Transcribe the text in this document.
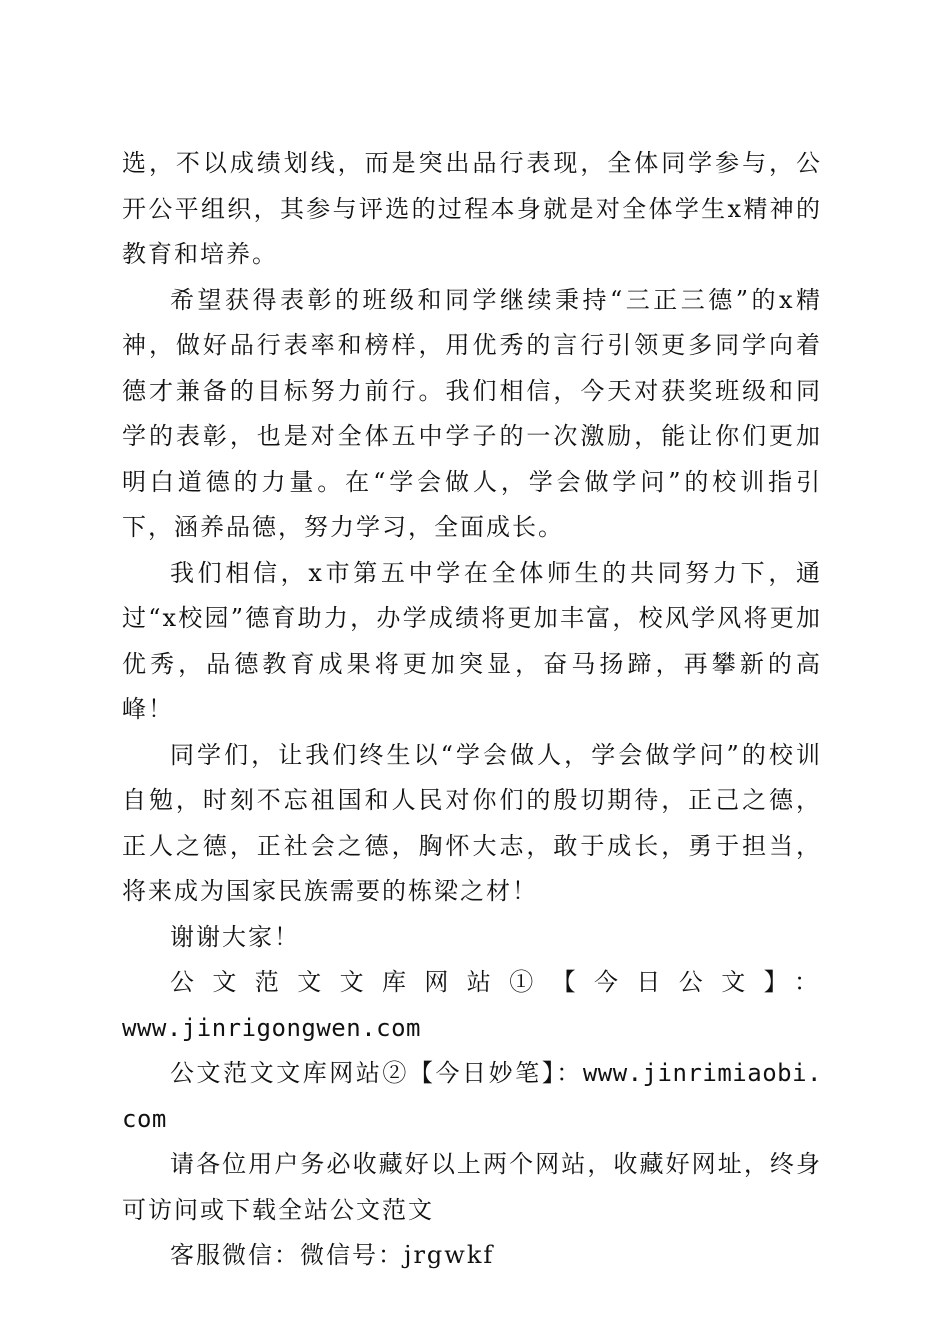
选，不以成绩划线，而是突出品行表现，全体同学参与，公开公平组织，其参与评选的过程本身就是对全体学生x精神的教育和培养。

希望获得表彰的班级和同学继续秉持“三正三德”的x精神，做好品行表率和榜样，用优秀的言行引领更多同学向着德才兼备的目标努力前行。我们相信，今天对获奖班级和同学的表彰，也是对全体五中学子的一次激励，能让你们更加明白道德的力量。在“学会做人，学会做学问”的校训指引下，涵养品德，努力学习，全面成长。

我们相信，x市第五中学在全体师生的共同努力下，通过“x校园”德育助力，办学成绩将更加丰富，校风学风将更加优秀，品德教育成果将更加突显，奋马扬蹄，再攀新的高峰！

同学们，让我们终生以“学会做人，学会做学问”的校训自勉，时刻不忘祖国和人民对你们的殷切期待，正己之德，正人之德，正社会之德，胸怀大志，敢于成长，勇于担当，将来成为国家民族需要的栋梁之材！

谢谢大家！

公文范文文库网站①【今日公文】：

www.jinrigongwen.com

公文范文文库网站②【今日妙笔】：www.jinrimiaobi.com

请各位用户务必收藏好以上两个网站，收藏好网址，终身可访问或下载全站公文范文

客服微信：微信号：jrgwkf
